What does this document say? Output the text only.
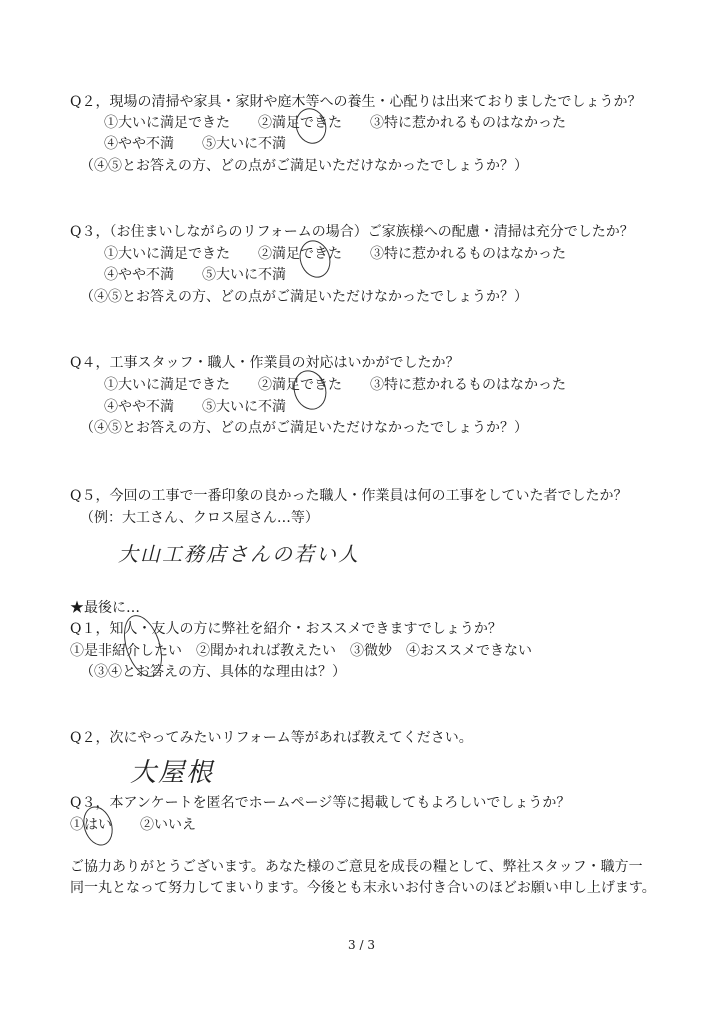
Q２，現場の清掃や家具・家財や庭木等への養生・心配りは出来ておりましたでしょうか？
①大いに満足できた　　②満足できた　　③特に惹かれるものはなかった
④やや不満　　⑤大いに不満
（④⑤とお答えの方、どの点がご満足いただけなかったでしょうか？）
Q３，（お住まいしながらのリフォームの場合）ご家族様への配慮・清掃は充分でしたか？
①大いに満足できた　　②満足できた　　③特に惹かれるものはなかった
④やや不満　　⑤大いに不満
（④⑤とお答えの方、どの点がご満足いただけなかったでしょうか？）
Q４，工事スタッフ・職人・作業員の対応はいかがでしたか？
①大いに満足できた　　②満足できた　　③特に惹かれるものはなかった
④やや不満　　⑤大いに不満
（④⑤とお答えの方、どの点がご満足いただけなかったでしょうか？）
Q５，今回の工事で一番印象の良かった職人・作業員は何の工事をしていた者でしたか？
（例：大工さん、クロス屋さん…等）
大山工務店さんの若い人
★最後に…
Q１，知人・友人の方に弊社を紹介・おススメできますでしょうか？
①是非紹介したい　②聞かれれば教えたい　③微妙　④おススメできない
（③④とお答えの方、具体的な理由は？）
Q２，次にやってみたいリフォーム等があれば教えてください。
大屋根
Q３，本アンケートを匿名でホームページ等に掲載してもよろしいでしょうか？
①はい　　②いいえ
ご協力ありがとうございます。あなた様のご意見を成長の糧として、弊社スタッフ・職方一
同一丸となって努力してまいります。今後とも末永いお付き合いのほどお願い申し上げます。
3 / 3
